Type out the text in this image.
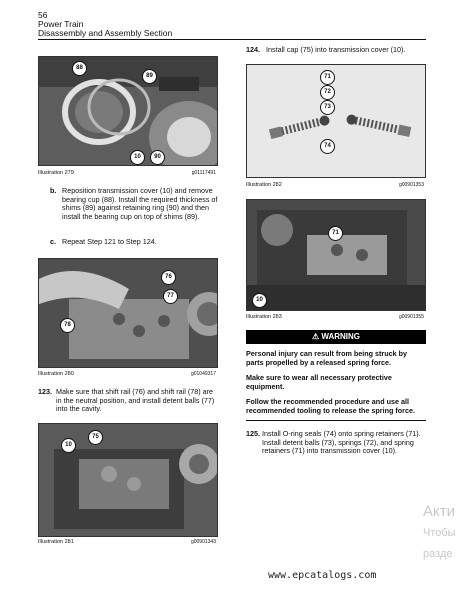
56
Power Train
Disassembly and Assembly Section
88
89
10	90
Illustration 279	g01117491
b. Reposition transmission cover (10) and remove bearing cup (88). Install the required thickness of shims (89) against retaining ring (90) and then install the bearing cup on top of shims (89).
c. Repeat Step 121 to Step 124.
76
77
78
Illustration 280	g01049317
123. Make sure that shift rail (76) and shift rail (78) are in the neutral position, and install detent balls (77) into the cavity.
10
75
Illustration 281	g00901343
124. Install cap (75) into transmission cover (10).
71
72
73
74
Illustration 282	g00901353
71
10
Illustration 283	g00901355
⚠ WARNING
Personal injury can result from being struck by parts propelled by a released spring force.
Make sure to wear all necessary protective equipment.
Follow the recommended procedure and use all recommended tooling to release the spring force.
125. Install O-ring seals (74) onto spring retainers (71). Install detent balls (73), springs (72), and spring retainers (71) into transmission cover (10).
Акти
Чтобы
разде
www.epcatalogs.com
